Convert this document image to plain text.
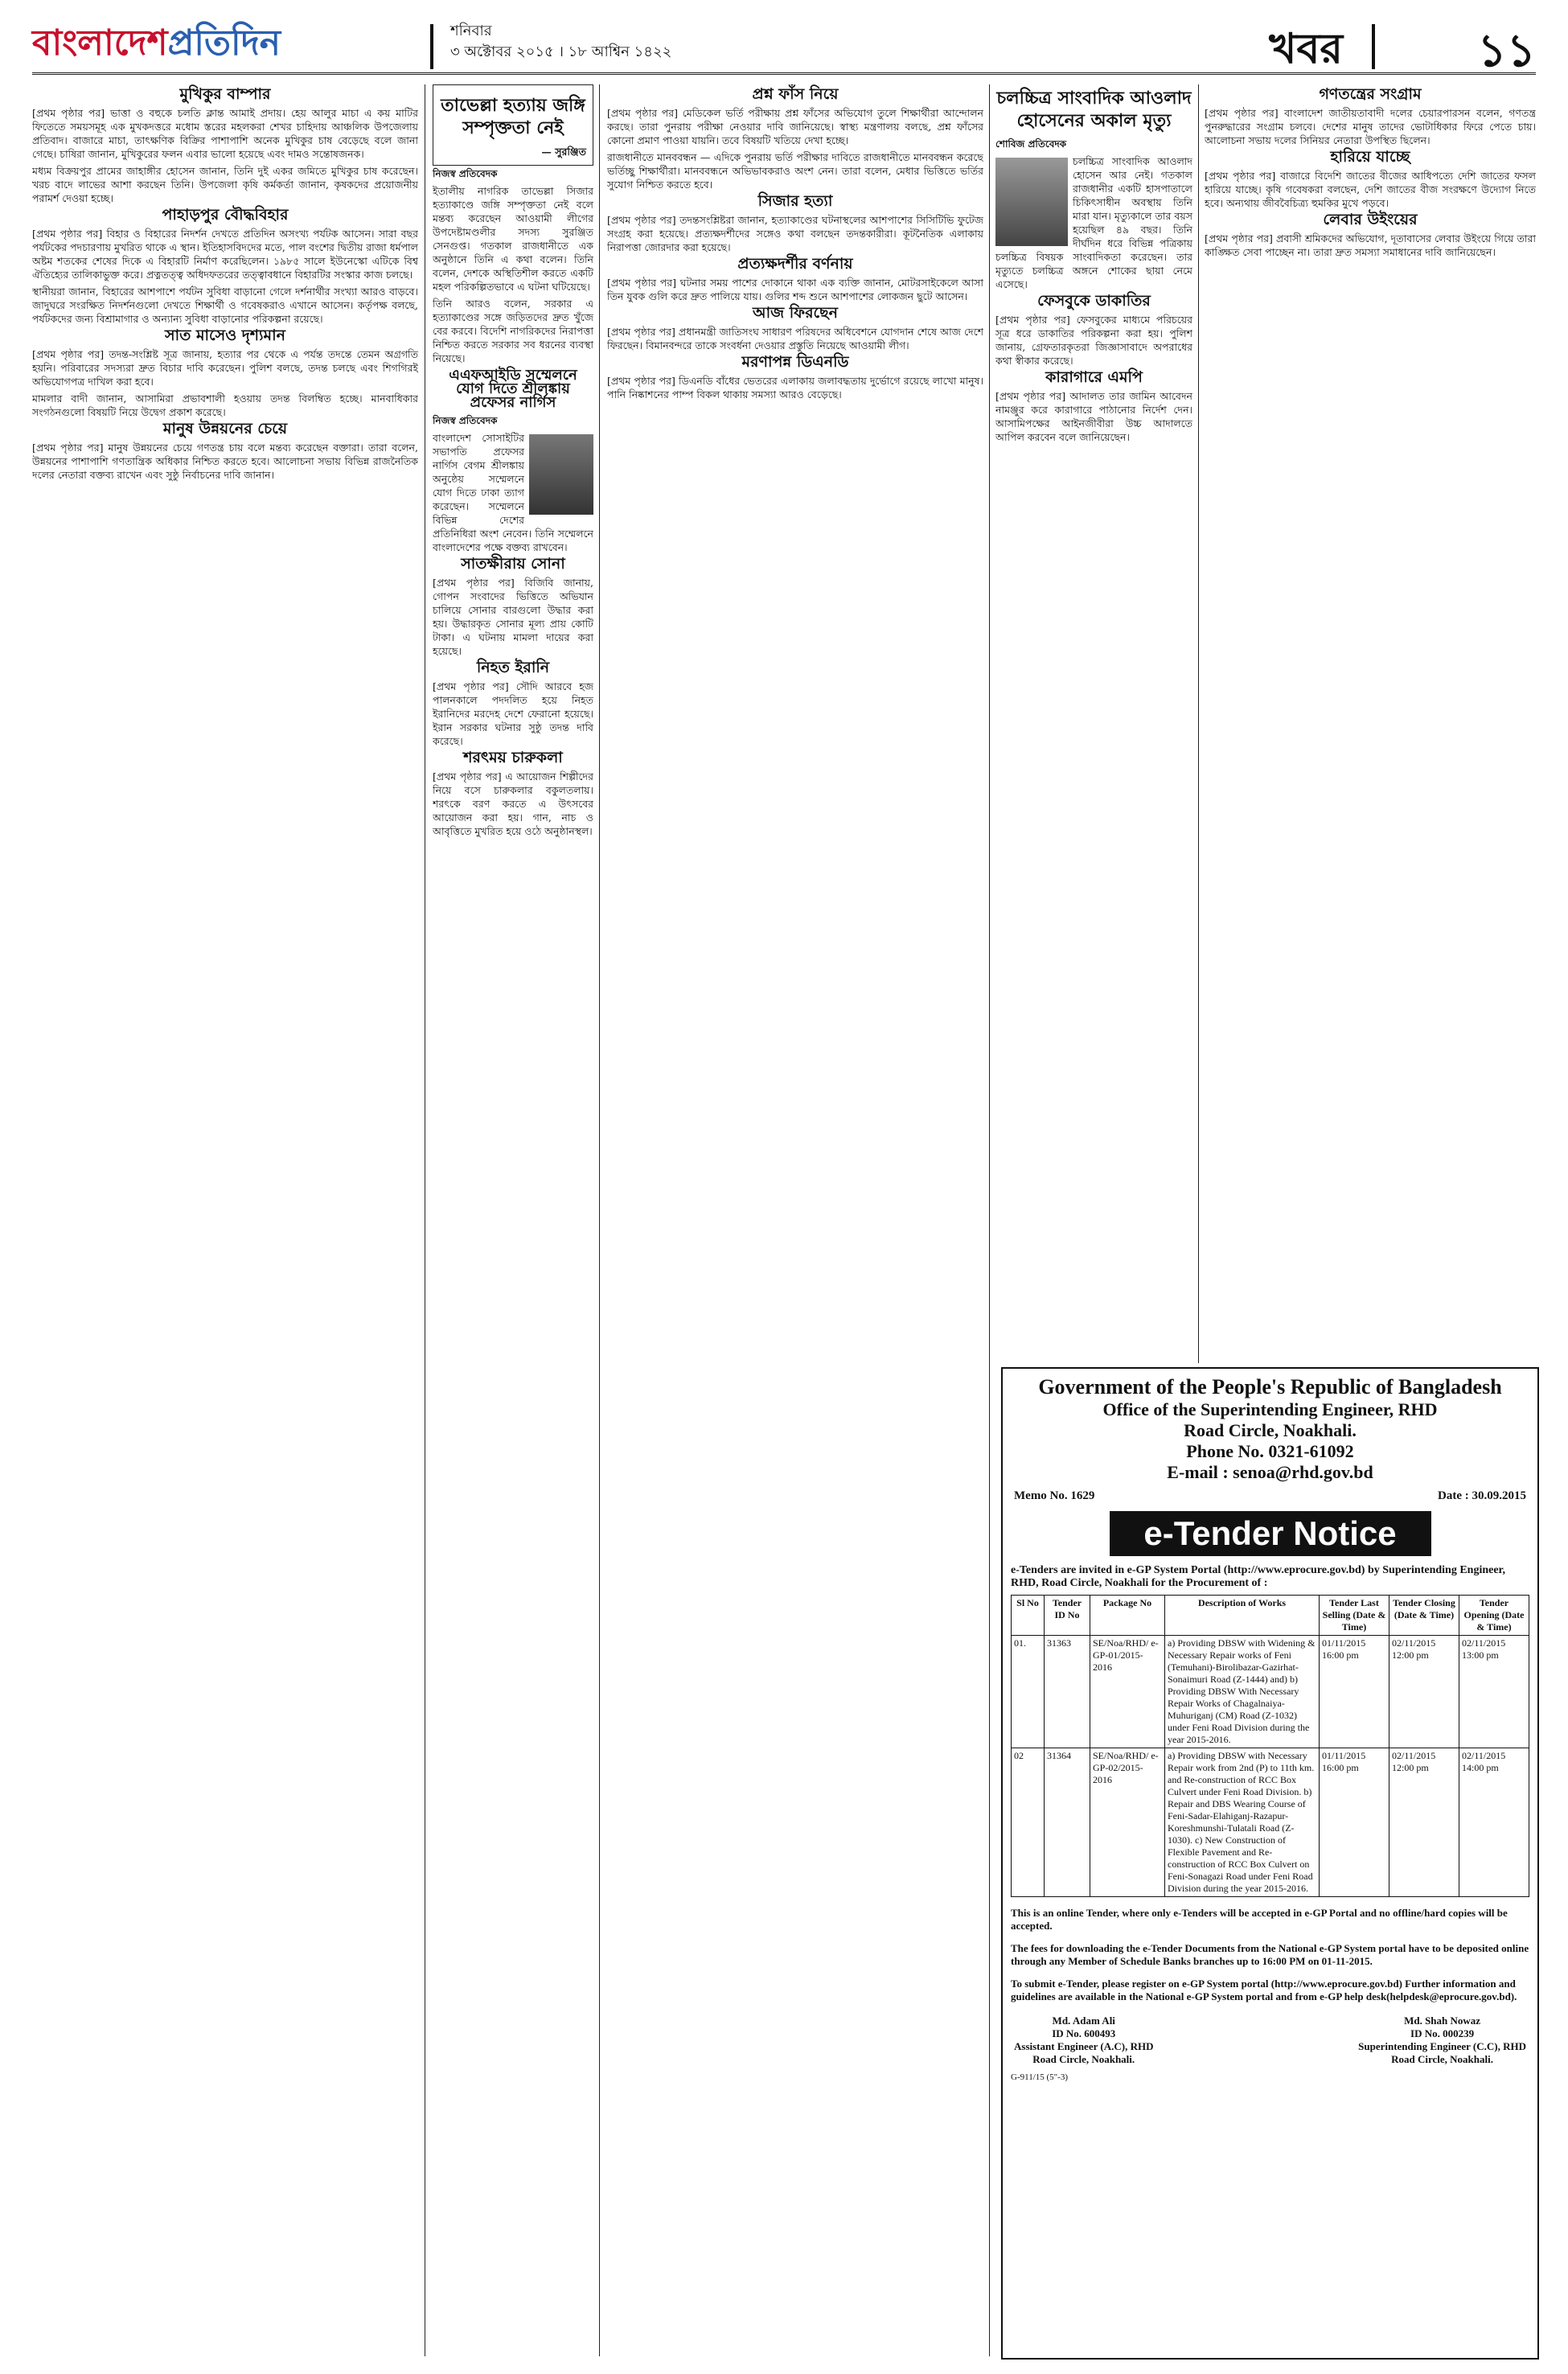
বাংলাদেশপ্রতিদিন	শনিবার
৩ অক্টোবর ২০১৫ । ১৮ আশ্বিন ১৪২২	খবর	১১
মুখিকুর বাম্পার

[প্রথম পৃষ্ঠার পর] ভাত্তা ও বহুকে চলতি ক্লান্ত আমাই প্রদায়। হেয় আলুর মাচা এ কয় মাটির ফিতেতে সময়সমূহ এক মুখকদত্তরে মধোম স্তরের মহলকরা শেখর চাহিদায় আঞ্চলিক উপজেলায় প্রতিবাদ। বাজারে মাচা, তাৎক্ষণিক বিক্রির পাশাপাশি অনেক মুখিকুর চাষ বেড়েছে বলে জানা গেছে। চাষিরা জানান, মুখিকুরের ফলন এবার ভালো হয়েছে এবং দামও সন্তোষজনক।

মধ্যম বিক্রয়পুর প্রামের জাহাঙ্গীর হোসেন জানান, তিনি দুই একর জমিতে মুখিকুর চাষ করেছেন। খরচ বাদে লাভের আশা করছেন তিনি। উপজেলা কৃষি কর্মকর্তা জানান, কৃষকদের প্রয়োজনীয় পরামর্শ দেওয়া হচ্ছে।

পাহাড়পুর বৌদ্ধবিহার

[প্রথম পৃষ্ঠার পর] বিহার ও বিহারের নিদর্শন দেখতে প্রতিদিন অসংখ্য পর্যটক আসেন। সারা বছর পর্যটকের পদচারণায় মুখরিত থাকে এ স্থান। ইতিহাসবিদদের মতে, পাল বংশের দ্বিতীয় রাজা ধর্মপাল অষ্টম শতকের শেষের দিকে এ বিহারটি নির্মাণ করেছিলেন। ১৯৮৫ সালে ইউনেস্কো এটিকে বিশ্ব ঐতিহ্যের তালিকাভুক্ত করে। প্রত্নতত্ত্ব অধিদফতরের তত্ত্বাবধানে বিহারটির সংস্কার কাজ চলছে।

স্থানীয়রা জানান, বিহারের আশপাশে পর্যটন সুবিধা বাড়ানো গেলে দর্শনার্থীর সংখ্যা আরও বাড়বে। জাদুঘরে সংরক্ষিত নিদর্শনগুলো দেখতে শিক্ষার্থী ও গবেষকরাও এখানে আসেন। কর্তৃপক্ষ বলছে, পর্যটকদের জন্য বিশ্রামাগার ও অন্যান্য সুবিধা বাড়ানোর পরিকল্পনা রয়েছে।

সাত মাসেও দৃশ্যমান

[প্রথম পৃষ্ঠার পর] তদন্ত-সংশ্লিষ্ট সূত্র জানায়, হত্যার পর থেকে এ পর্যন্ত তদন্তে তেমন অগ্রগতি হয়নি। পরিবারের সদস্যরা দ্রুত বিচার দাবি করেছেন। পুলিশ বলছে, তদন্ত চলছে এবং শিগগিরই অভিযোগপত্র দাখিল করা হবে।

মামলার বাদী জানান, আসামিরা প্রভাবশালী হওয়ায় তদন্ত বিলম্বিত হচ্ছে। মানবাধিকার সংগঠনগুলো বিষয়টি নিয়ে উদ্বেগ প্রকাশ করেছে।

মানুষ উন্নয়নের চেয়ে

[প্রথম পৃষ্ঠার পর] মানুষ উন্নয়নের চেয়ে গণতন্ত্র চায় বলে মন্তব্য করেছেন বক্তারা। তারা বলেন, উন্নয়নের পাশাপাশি গণতান্ত্রিক অধিকার নিশ্চিত করতে হবে। আলোচনা সভায় বিভিন্ন রাজনৈতিক দলের নেতারা বক্তব্য রাখেন এবং সুষ্ঠু নির্বাচনের দাবি জানান।

তাভেল্লা হত্যায় জঙ্গি সম্পৃক্ততা নেই
— সুরঞ্জিত
নিজস্ব প্রতিবেদক

ইতালীয় নাগরিক তাভেল্লা সিজার হত্যাকাণ্ডে জঙ্গি সম্পৃক্ততা নেই বলে মন্তব্য করেছেন আওয়ামী লীগের উপদেষ্টামণ্ডলীর সদস্য সুরঞ্জিত সেনগুপ্ত। গতকাল রাজধানীতে এক অনুষ্ঠানে তিনি এ কথা বলেন। তিনি বলেন, দেশকে অস্থিতিশীল করতে একটি মহল পরিকল্পিতভাবে এ ঘটনা ঘটিয়েছে।

তিনি আরও বলেন, সরকার এ হত্যাকাণ্ডের সঙ্গে জড়িতদের দ্রুত খুঁজে বের করবে। বিদেশি নাগরিকদের নিরাপত্তা নিশ্চিত করতে সরকার সব ধরনের ব্যবস্থা নিয়েছে।

এএফআইডি সম্মেলনে যোগ দিতে শ্রীলঙ্কায় প্রফেসর নার্গিস
নিজস্ব প্রতিবেদক

বাংলাদেশ সোসাইটির সভাপতি প্রফেসর নার্গিস বেগম শ্রীলঙ্কায় অনুষ্ঠেয় সম্মেলনে যোগ দিতে ঢাকা ত্যাগ করেছেন। সম্মেলনে বিভিন্ন দেশের প্রতিনিধিরা অংশ নেবেন। তিনি সম্মেলনে বাংলাদেশের পক্ষে বক্তব্য রাখবেন।

সাতক্ষীরায় সোনা

[প্রথম পৃষ্ঠার পর] বিজিবি জানায়, গোপন সংবাদের ভিত্তিতে অভিযান চালিয়ে সোনার বারগুলো উদ্ধার করা হয়। উদ্ধারকৃত সোনার মূল্য প্রায় কোটি টাকা। এ ঘটনায় মামলা দায়ের করা হয়েছে।

নিহত ইরানি

[প্রথম পৃষ্ঠার পর] সৌদি আরবে হজ পালনকালে পদদলিত হয়ে নিহত ইরানিদের মরদেহ দেশে ফেরানো হয়েছে। ইরান সরকার ঘটনার সুষ্ঠু তদন্ত দাবি করেছে।

শরৎময় চারুকলা

[প্রথম পৃষ্ঠার পর] এ আয়োজন শিল্পীদের নিয়ে বসে চারুকলার বকুলতলায়। শরৎকে বরণ করতে এ উৎসবের আয়োজন করা হয়। গান, নাচ ও আবৃত্তিতে মুখরিত হয়ে ওঠে অনুষ্ঠানস্থল।

প্রশ্ন ফাঁস নিয়ে

[প্রথম পৃষ্ঠার পর] মেডিকেল ভর্তি পরীক্ষায় প্রশ্ন ফাঁসের অভিযোগ তুলে শিক্ষার্থীরা আন্দোলন করছে। তারা পুনরায় পরীক্ষা নেওয়ার দাবি জানিয়েছে। স্বাস্থ্য মন্ত্রণালয় বলছে, প্রশ্ন ফাঁসের কোনো প্রমাণ পাওয়া যায়নি। তবে বিষয়টি খতিয়ে দেখা হচ্ছে।

রাজধানীতে মানববন্ধন — এদিকে পুনরায় ভর্তি পরীক্ষার দাবিতে রাজধানীতে মানববন্ধন করেছে ভর্তিচ্ছু শিক্ষার্থীরা। মানববন্ধনে অভিভাবকরাও অংশ নেন। তারা বলেন, মেধার ভিত্তিতে ভর্তির সুযোগ নিশ্চিত করতে হবে।

সিজার হত্যা

[প্রথম পৃষ্ঠার পর] তদন্তসংশ্লিষ্টরা জানান, হত্যাকাণ্ডের ঘটনাস্থলের আশপাশের সিসিটিভি ফুটেজ সংগ্রহ করা হয়েছে। প্রত্যক্ষদর্শীদের সঙ্গেও কথা বলছেন তদন্তকারীরা। কূটনৈতিক এলাকায় নিরাপত্তা জোরদার করা হয়েছে।

প্রত্যক্ষদর্শীর বর্ণনায়

[প্রথম পৃষ্ঠার পর] ঘটনার সময় পাশের দোকানে থাকা এক ব্যক্তি জানান, মোটরসাইকেলে আসা তিন যুবক গুলি করে দ্রুত পালিয়ে যায়। গুলির শব্দ শুনে আশপাশের লোকজন ছুটে আসেন।

আজ ফিরছেন

[প্রথম পৃষ্ঠার পর] প্রধানমন্ত্রী জাতিসংঘ সাধারণ পরিষদের অধিবেশনে যোগদান শেষে আজ দেশে ফিরছেন। বিমানবন্দরে তাকে সংবর্ধনা দেওয়ার প্রস্তুতি নিয়েছে আওয়ামী লীগ।

মরণাপন্ন ডিএনডি

[প্রথম পৃষ্ঠার পর] ডিএনডি বাঁধের ভেতরের এলাকায় জলাবদ্ধতায় দুর্ভোগে রয়েছে লাখো মানুষ। পানি নিষ্কাশনের পাম্প বিকল থাকায় সমস্যা আরও বেড়েছে।

চলচ্চিত্র সাংবাদিক আওলাদ হোসেনের অকাল মৃত্যু
শোবিজ প্রতিবেদক

চলচ্চিত্র সাংবাদিক আওলাদ হোসেন আর নেই। গতকাল রাজধানীর একটি হাসপাতালে চিকিৎসাধীন অবস্থায় তিনি মারা যান। মৃত্যুকালে তার বয়স হয়েছিল ৪৯ বছর। তিনি দীর্ঘদিন ধরে বিভিন্ন পত্রিকায় চলচ্চিত্র বিষয়ক সাংবাদিকতা করেছেন। তার মৃত্যুতে চলচ্চিত্র অঙ্গনে শোকের ছায়া নেমে এসেছে।

ফেসবুকে ডাকাতির

[প্রথম পৃষ্ঠার পর] ফেসবুকের মাধ্যমে পরিচয়ের সূত্র ধরে ডাকাতির পরিকল্পনা করা হয়। পুলিশ জানায়, গ্রেফতারকৃতরা জিজ্ঞাসাবাদে অপরাধের কথা স্বীকার করেছে।

কারাগারে এমপি

[প্রথম পৃষ্ঠার পর] আদালত তার জামিন আবেদন নামঞ্জুর করে কারাগারে পাঠানোর নির্দেশ দেন। আসামিপক্ষের আইনজীবীরা উচ্চ আদালতে আপিল করবেন বলে জানিয়েছেন।

গণতন্ত্রের সংগ্রাম

[প্রথম পৃষ্ঠার পর] বাংলাদেশ জাতীয়তাবাদী দলের চেয়ারপারসন বলেন, গণতন্ত্র পুনরুদ্ধারের সংগ্রাম চলবে। দেশের মানুষ তাদের ভোটাধিকার ফিরে পেতে চায়। আলোচনা সভায় দলের সিনিয়র নেতারা উপস্থিত ছিলেন।

হারিয়ে যাচ্ছে

[প্রথম পৃষ্ঠার পর] বাজারে বিদেশি জাতের বীজের আধিপত্যে দেশি জাতের ফসল হারিয়ে যাচ্ছে। কৃষি গবেষকরা বলছেন, দেশি জাতের বীজ সংরক্ষণে উদ্যোগ নিতে হবে। অন্যথায় জীববৈচিত্র্য হুমকির মুখে পড়বে।

লেবার উইংয়ের

[প্রথম পৃষ্ঠার পর] প্রবাসী শ্রমিকদের অভিযোগ, দূতাবাসের লেবার উইংয়ে গিয়ে তারা কাঙ্ক্ষিত সেবা পাচ্ছেন না। তারা দ্রুত সমস্যা সমাধানের দাবি জানিয়েছেন।

Government of the People's Republic of Bangladesh
Office of the Superintending Engineer, RHD
Road Circle, Noakhali.
Phone No. 0321-61092
E-mail : senoa@rhd.gov.bd
Memo No. 1629	Date : 30.09.2015
e-Tender Notice
e-Tenders are invited in e-GP System Portal (http://www.eprocure.gov.bd) by Superintending Engineer, RHD, Road Circle, Noakhali for the Procurement of :
Sl No	Tender ID No	Package No	Description of Works	Tender Last Selling (Date & Time)	Tender Closing (Date & Time)	Tender Opening (Date & Time)
01.	31363	SE/Noa/RHD/ e-GP-01/2015-2016	a) Providing DBSW with Widening & Necessary Repair works of Feni (Temuhani)-Birolibazar-Gazirhat-Sonaimuri Road (Z-1444) and) b) Providing DBSW With Necessary Repair Works of Chagalnaiya-Muhuriganj (CM) Road (Z-1032) under Feni Road Division during the year 2015-2016.	01/11/2015 16:00 pm	02/11/2015 12:00 pm	02/11/2015 13:00 pm
02	31364	SE/Noa/RHD/ e-GP-02/2015-2016	a) Providing DBSW with Necessary Repair work from 2nd (P) to 11th km. and Re-construction of RCC Box Culvert under Feni Road Division. b) Repair and DBS Wearing Course of Feni-Sadar-Elahiganj-Razapur-Koreshmunshi-Tulatali Road (Z-1030). c) New Construction of Flexible Pavement and Re-construction of RCC Box Culvert on Feni-Sonagazi Road under Feni Road Division during the year 2015-2016.	01/11/2015 16:00 pm	02/11/2015 12:00 pm	02/11/2015 14:00 pm
This is an online Tender, where only e-Tenders will be accepted in e-GP Portal and no offline/hard copies will be accepted.
The fees for downloading the e-Tender Documents from the National e-GP System portal have to be deposited online through any Member of Schedule Banks branches up to 16:00 PM on 01-11-2015.
To submit e-Tender, please register on e-GP System portal (http://www.eprocure.gov.bd) Further information and guidelines are available in the National e-GP System portal and from e-GP help desk(helpdesk@eprocure.gov.bd).
Md. Adam Ali
ID No. 600493
Assistant Engineer (A.C), RHD
Road Circle, Noakhali.
Md. Shah Nowaz
ID No. 000239
Superintending Engineer (C.C), RHD
Road Circle, Noakhali.
G-911/15 (5"-3)
